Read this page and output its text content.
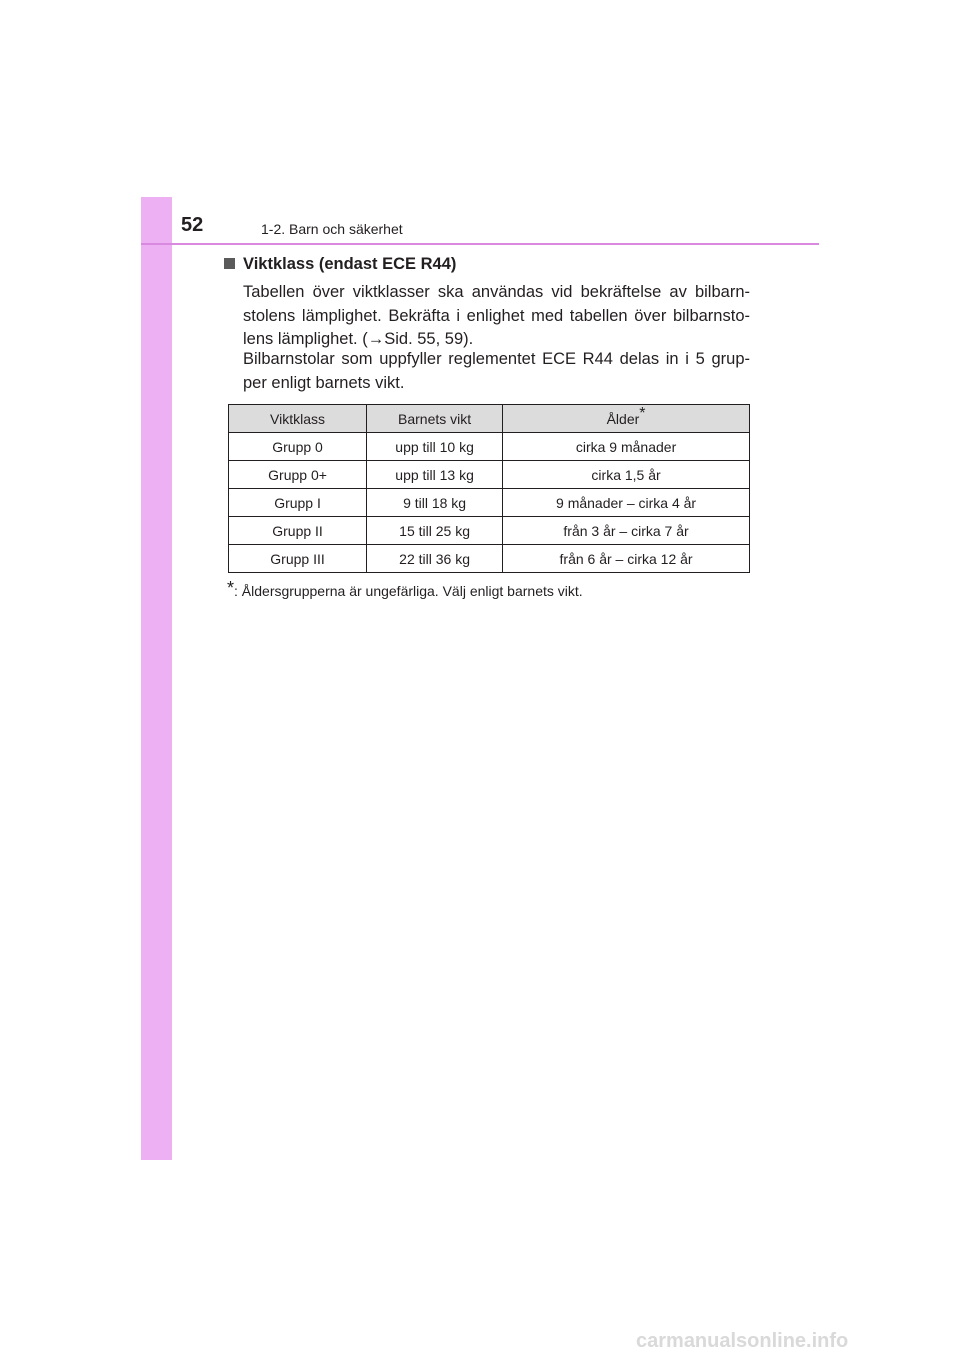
52	1-2. Barn och säkerhet
Viktklass (endast ECE R44)
Tabellen över viktklasser ska användas vid bekräftelse av bilbarn-stolens lämplighet. Bekräfta i enlighet med tabellen över bilbarnsto-lens lämplighet. (→Sid. 55, 59).
Bilbarnstolar som uppfyller reglementet ECE R44 delas in i 5 grup-per enligt barnets vikt.
Viktklass	Barnets vikt	Ålder*
Grupp 0	upp till 10 kg	cirka 9 månader
Grupp 0+	upp till 13 kg	cirka 1,5 år
Grupp I	9 till 18 kg	9 månader – cirka 4 år
Grupp II	15 till 25 kg	från 3 år – cirka 7 år
Grupp III	22 till 36 kg	från 6 år – cirka 12 år
*: Åldersgrupperna är ungefärliga. Välj enligt barnets vikt.
carmanualsonline.info
